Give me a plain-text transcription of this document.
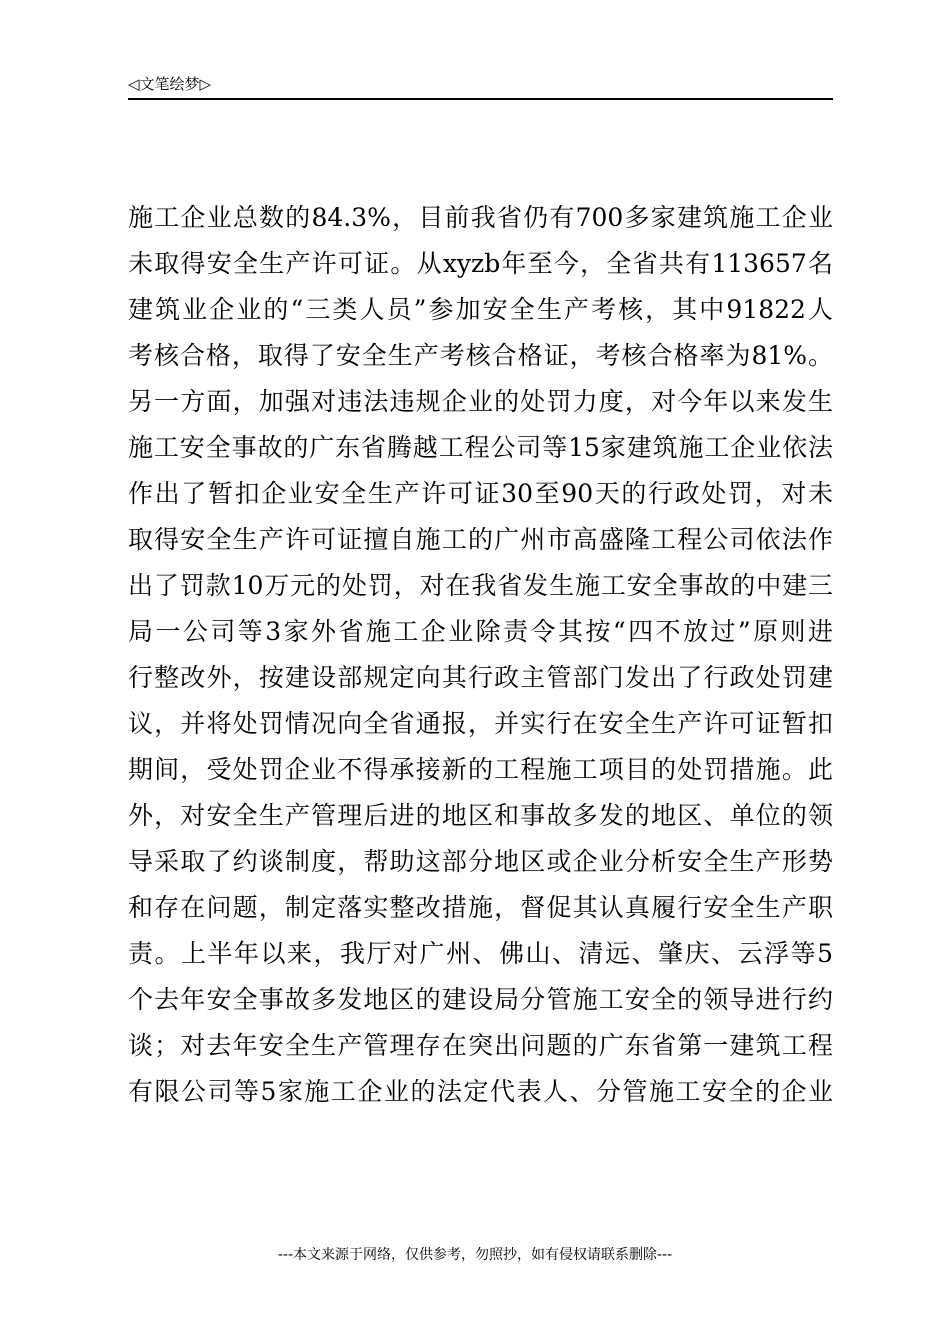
◁文笔绘梦▷
施工企业总数的84.3%，目前我省仍有700多家建筑施工企业
未取得安全生产许可证。从xyzb年至今，全省共有113657名
建筑业企业的“三类人员”参加安全生产考核，其中91822人
考核合格，取得了安全生产考核合格证，考核合格率为81%。
另一方面，加强对违法违规企业的处罚力度，对今年以来发生
施工安全事故的广东省腾越工程公司等15家建筑施工企业依法
作出了暂扣企业安全生产许可证30至90天的行政处罚，对未
取得安全生产许可证擅自施工的广州市高盛隆工程公司依法作
出了罚款10万元的处罚，对在我省发生施工安全事故的中建三
局一公司等3家外省施工企业除责令其按“四不放过”原则进
行整改外，按建设部规定向其行政主管部门发出了行政处罚建
议，并将处罚情况向全省通报，并实行在安全生产许可证暂扣
期间，受处罚企业不得承接新的工程施工项目的处罚措施。此
外，对安全生产管理后进的地区和事故多发的地区、单位的领
导采取了约谈制度，帮助这部分地区或企业分析安全生产形势
和存在问题，制定落实整改措施，督促其认真履行安全生产职
责。上半年以来，我厅对广州、佛山、清远、肇庆、云浮等5
个去年安全事故多发地区的建设局分管施工安全的领导进行约
谈；对去年安全生产管理存在突出问题的广东省第一建筑工程
有限公司等5家施工企业的法定代表人、分管施工安全的企业
---本文来源于网络，仅供参考，勿照抄，如有侵权请联系删除---
